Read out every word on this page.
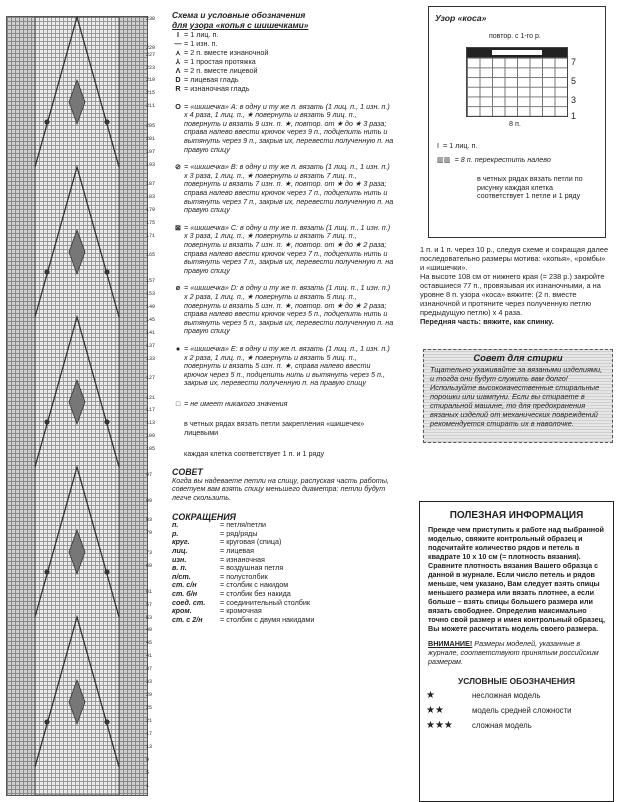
238
229
227
223
219
215
211
205
201
197
193
187
183
179
175
171
165
157
153
149
145
141
137
133
127
121
117
113
109
105
97
89
83
79
73
69
61
57
53
49
45
41
37
33
29
25
21
17
13
9
5
1
Схема и условные обозначения
для узора «копья с шишечками»
I = 1 лиц. п.
— = 1 изн. п.
⋏ = 2 п. вместе изнаночной
⅄ = 1 простая протяжка
Λ = 2 п. вместе лицевой
D = лицевая гладь
R = изнаночная гладь
O = «шишечка» А: в одну и ту же п. вязать (1 лиц. п., 1 изн. п.) х 4 раза, 1 лиц. п., ★ повернуть и вязать 9 лиц. п., повернуть и вязать 9 изн. п. ★, повтор. от ★ до ★ 3 раза; справа налево ввести крючок через 9 п., подцепить нить и вытянуть через 9 п., закрыв их, перевести полученную п. на правую спицу
⊘ = «шишечка» B: в одну и ту же п. вязать (1 лиц. п., 1 изн. п.) х 3 раза, 1 лиц. п., ★ повернуть и вязать 7 лиц. п., повернуть и вязать 7 изн. п. ★, повтор. от ★ до ★ 3 раза; справа налево ввести крючок через 7 п., подцепить нить и вытянуть через 7 п., закрыв их, перевести полученную п. на правую спицу
⊠ = «шишечка» C: в одну и ту же п. вязать (1 лиц. п., 1 изн. п.) х 3 раза, 1 лиц. п., ★ повернуть и вязать 7 лиц. п., повернуть и вязать 7 изн. п. ★, повтор. от ★ до ★ 2 раза; справа налево ввести крючок через 7 п., подцепить нить и вытянуть через 7 п., закрыв их, перевести полученную п. на правую спицу
ø = «шишечка» D: в одну и ту же п. вязать (1 лиц. п., 1 изн. п.) х 2 раза, 1 лиц. п., ★ повернуть и вязать 5 лиц. п., повернуть и вязать 5 изн. п. ★, повтор. от ★ до ★ 2 раза; справа налево ввести крючок через 5 п., подцепить нить и вытянуть через 5 п., закрыв их, перевести полученную п. на правую спицу
● = «шишечка» E: в одну и ту же п. вязать (1 лиц. п., 1 изн. п.) х 2 раза, 1 лиц. п., ★ повернуть и вязать 5 лиц. п., повернуть и вязать 5 изн. п. ★, справа налево ввести крючок через 5 п., подцепить нить и вытянуть через 5 п., закрыв их, перевести полученную п. на правую спицу
□ = не имеет никакого значения
в четных рядах вязать петли закрепления «шишечек» лицевыми
каждая клетка соответствует 1 п. и 1 ряду
СОВЕТ
Когда вы надеваете петли на спицу, распуская часть работы, советуем вам взять спицу меньшего диаметра: петли будут легче скользить.
СОКРАЩЕНИЯ
п.	= петля/петли
р.	= ряд/ряды
круг.	= круговая (спица)
лиц.	= лицевая
изн.	= изнаночная
в. п.	= воздушная петля
п/ст.	= полустолбик
ст. с/н	= столбик с накидом
ст. б/н	= столбик без накида
соед. ст.	= соединительный столбик
кром.	= кромочная
ст. с 2/н	= столбик с двумя накидами
Узор «коса»
повтор. с 1-го р.
7
5
3
1
8 п.
I = 1 лиц. п.
▥▥ = 8 п. перекрестить налево
в четных рядах вязать петли по рисунку каждая клетка соответствует 1 петле и 1 ряду
1 п. и 1 п. через 10 р., следуя схеме и сокращая далее последовательно размеры мотива: «копья», «ромбы» и «шишечки».
На высоте 108 см от нижнего края (= 238 р.) закройте оставшиеся 77 п., провязывая их изнаночными, а на уровне 8 п. узора «коса» вяжите: (2 п. вместе изнаночной и протяните через полученную петлю предыдущую петлю) х 4 раза.
Передняя часть: вяжите, как спинку.
Совет для стирки
Тщательно ухаживайте за вязаными изделиями, и тогда они будут служить вам долго! Используйте высококачественные стиральные порошки или шампуни. Если вы стираете в стиральной машине, то для предохранения вязаных изделий от механических повреждений рекомендуется стирать их в наволочке.
ПОЛЕЗНАЯ ИНФОРМАЦИЯ
Прежде чем приступить к работе над выбранной моделью, свяжите контрольный образец и подсчитайте количество рядов и петель в квадрате 10 х 10 см (= плотность вязания). Сравните плотность вязания Вашего образца с данной в журнале. Если число петель и рядов меньше, чем указано, Вам следует взять спицы меньшего размера или вязать плотнее, а если больше – взять спицы большего размера или вязать свободнее. Определив максимально точно свой размер и имея контрольный образец, Вы можете рассчитать модель своего размера.
ВНИМАНИЕ! Размеры моделей, указанные в журнале, соответствуют принятым российским размерам.
УСЛОВНЫЕ ОБОЗНАЧЕНИЯ
★	несложная модель
★★	модель средней сложности
★★★	сложная модель
